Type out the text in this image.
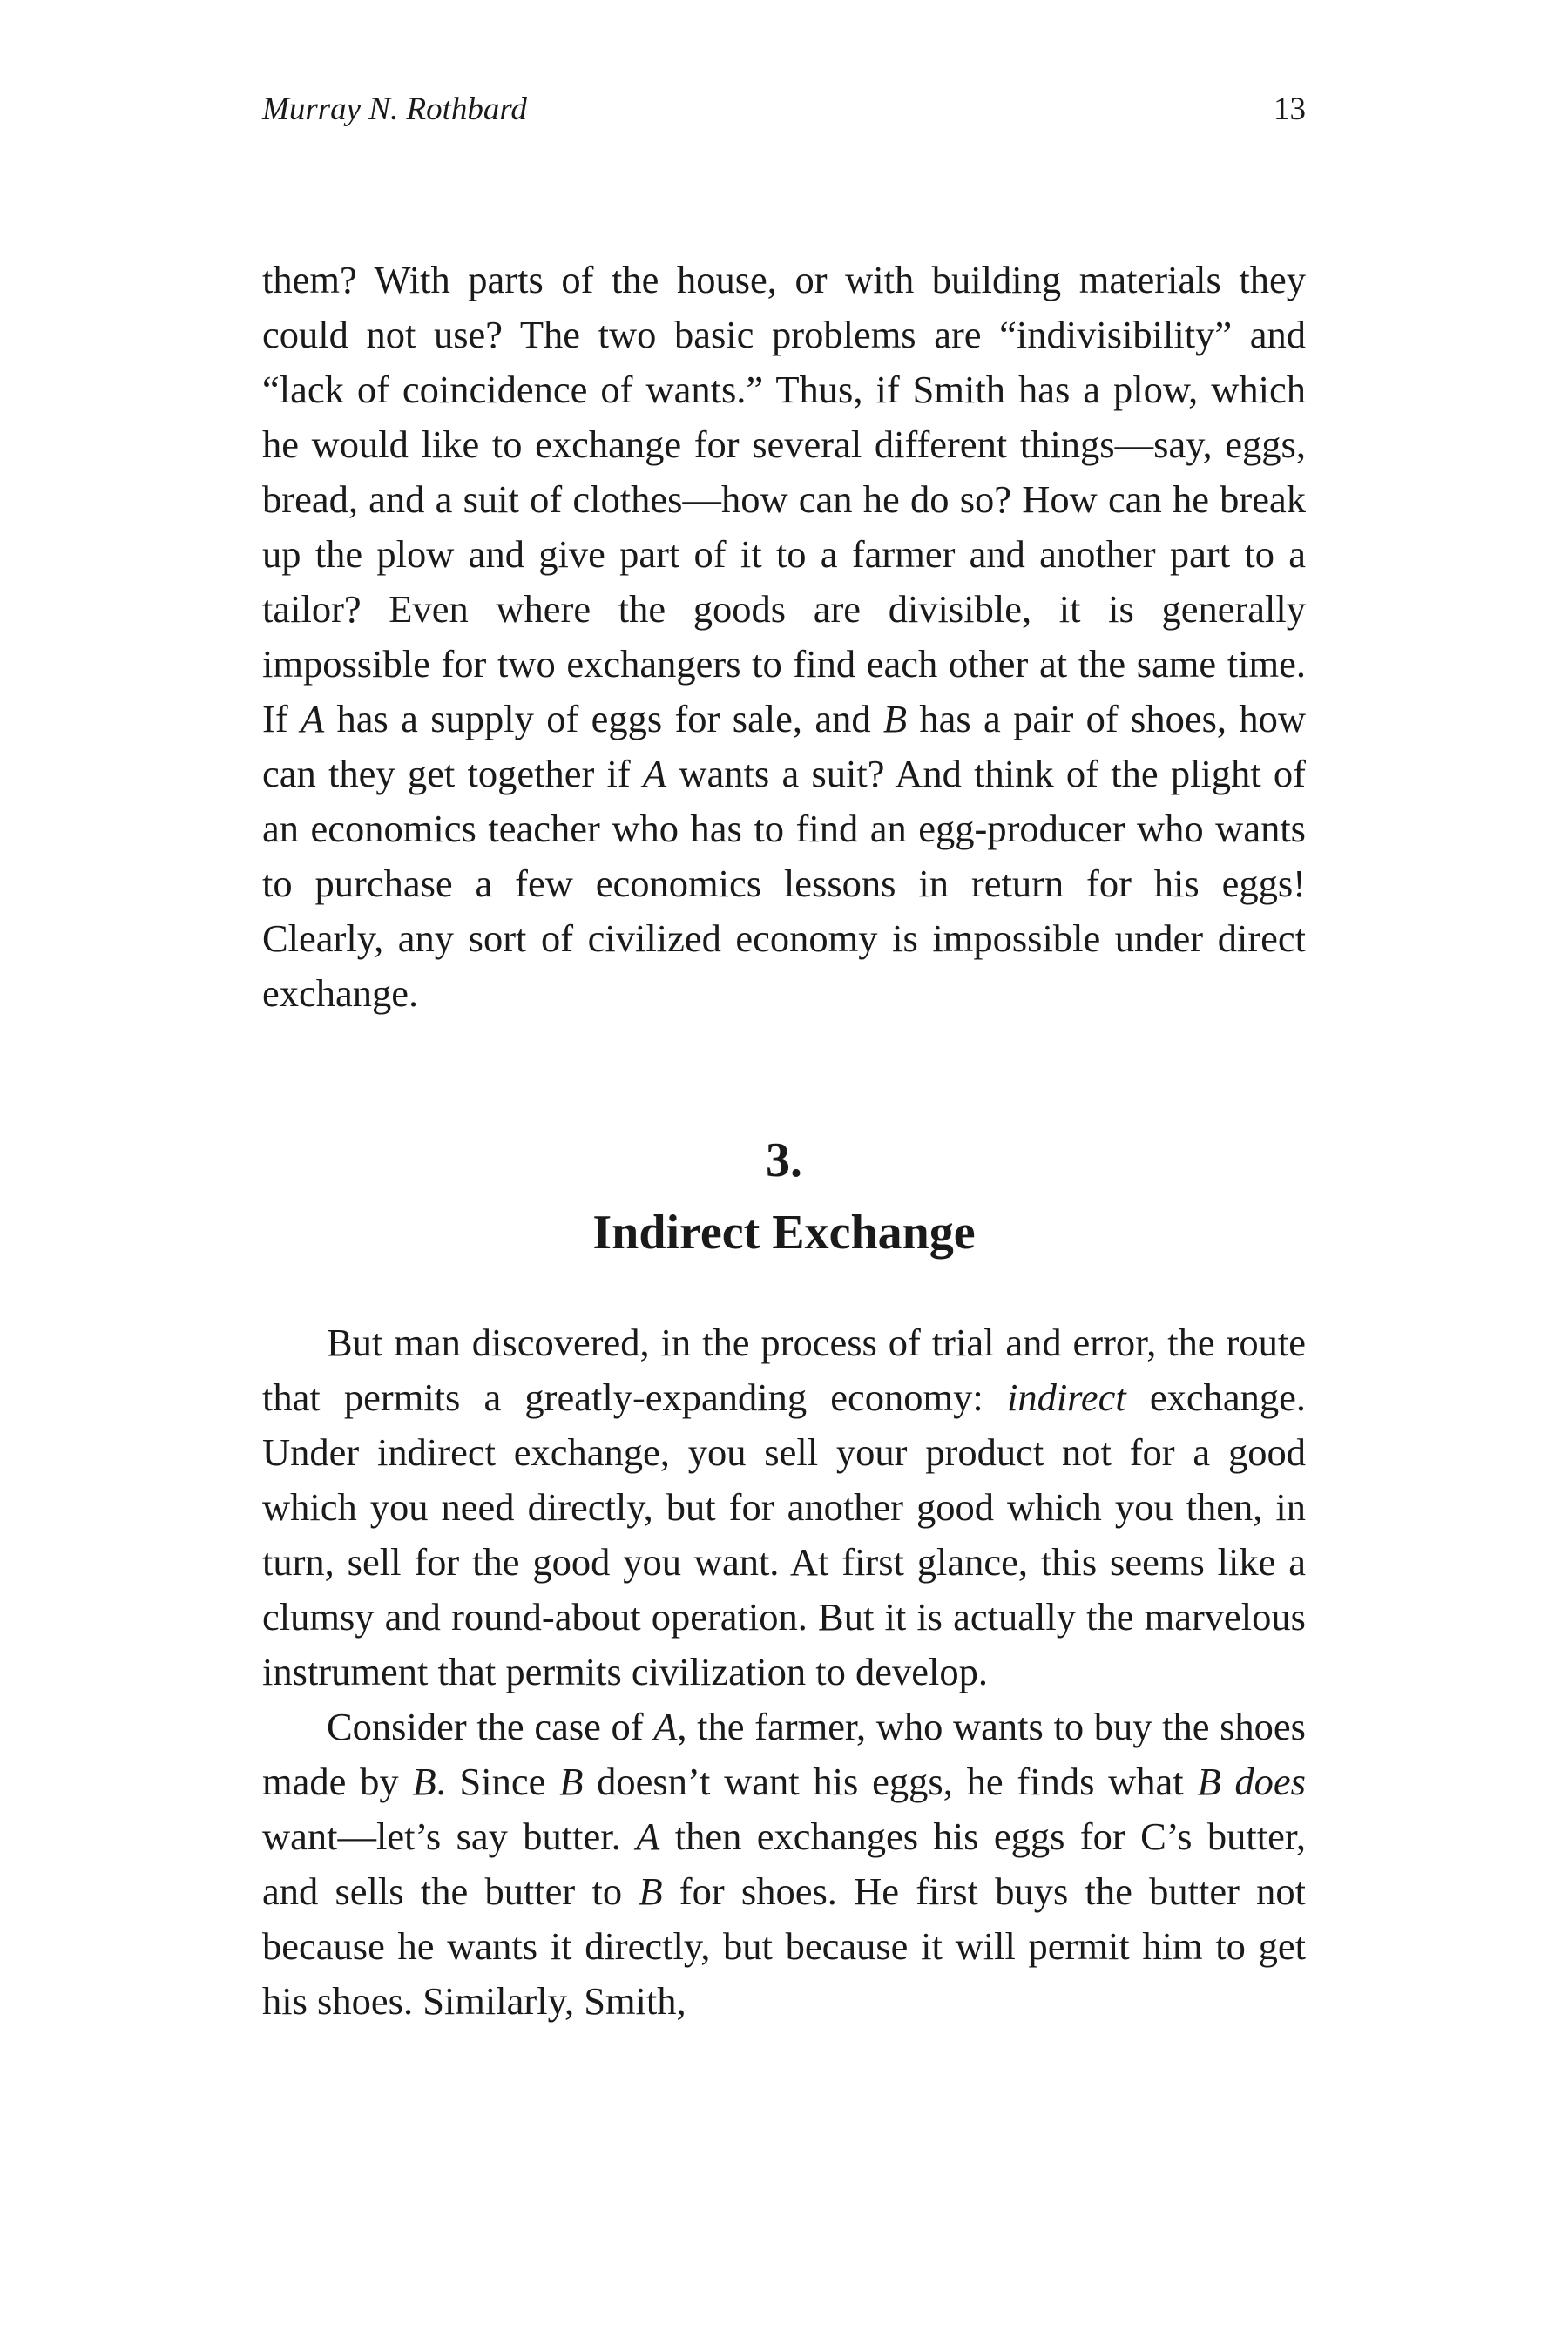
Murray N. Rothbard	13

them? With parts of the house, or with building materials they could not use? The two basic problems are “indivisibility” and “lack of coincidence of wants.” Thus, if Smith has a plow, which he would like to exchange for several different things—say, eggs, bread, and a suit of clothes—how can he do so? How can he break up the plow and give part of it to a farmer and another part to a tailor? Even where the goods are divisible, it is generally impossible for two exchangers to find each other at the same time. If A has a supply of eggs for sale, and B has a pair of shoes, how can they get together if A wants a suit? And think of the plight of an economics teacher who has to find an egg-producer who wants to purchase a few economics lessons in return for his eggs! Clearly, any sort of civilized economy is impossible under direct exchange.

3.
Indirect Exchange

But man discovered, in the process of trial and error, the route that permits a greatly-expanding economy: indirect exchange. Under indirect exchange, you sell your product not for a good which you need directly, but for another good which you then, in turn, sell for the good you want. At first glance, this seems like a clumsy and round-about operation. But it is actually the marvelous instrument that permits civilization to develop.

Consider the case of A, the farmer, who wants to buy the shoes made by B. Since B doesn’t want his eggs, he finds what B does want—let’s say butter. A then exchanges his eggs for C’s butter, and sells the butter to B for shoes. He first buys the butter not because he wants it directly, but because it will permit him to get his shoes. Similarly, Smith,
